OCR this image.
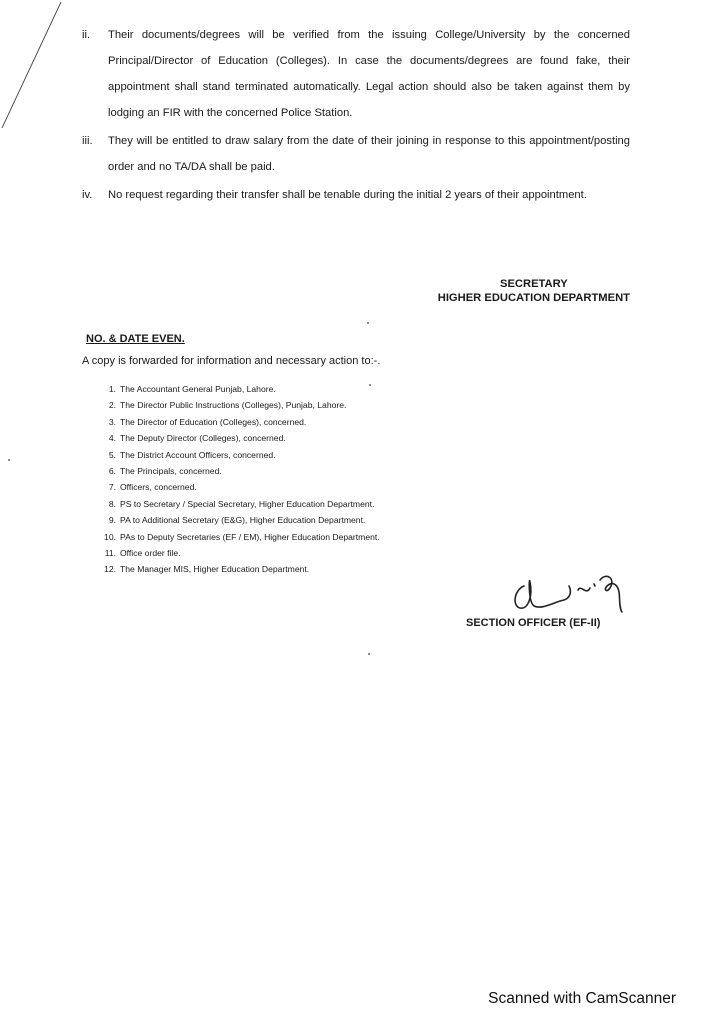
ii.	Their documents/degrees will be verified from the issuing College/University by the concerned Principal/Director of Education (Colleges). In case the documents/degrees are found fake, their appointment shall stand terminated automatically. Legal action should also be taken against them by lodging an FIR with the concerned Police Station.
iii.	They will be entitled to draw salary from the date of their joining in response to this appointment/posting order and no TA/DA shall be paid.
iv.	No request regarding their transfer shall be tenable during the initial 2 years of their appointment.
SECRETARY
HIGHER EDUCATION DEPARTMENT
NO. & DATE EVEN.
A copy is forwarded for information and necessary action to:-.
1. The Accountant General Punjab, Lahore.
2. The Director Public Instructions (Colleges), Punjab, Lahore.
3. The Director of Education (Colleges), concerned.
4. The Deputy Director (Colleges), concerned.
5. The District Account Officers, concerned.
6. The Principals, concerned.
7. Officers, concerned.
8. PS to Secretary / Special Secretary, Higher Education Department.
9. PA to Additional Secretary (E&G), Higher Education Department.
10. PAs to Deputy Secretaries (EF / EM), Higher Education Department.
11. Office order file.
12. The Manager MIS, Higher Education Department.
SECTION OFFICER (EF-II)
Scanned with CamScanner
